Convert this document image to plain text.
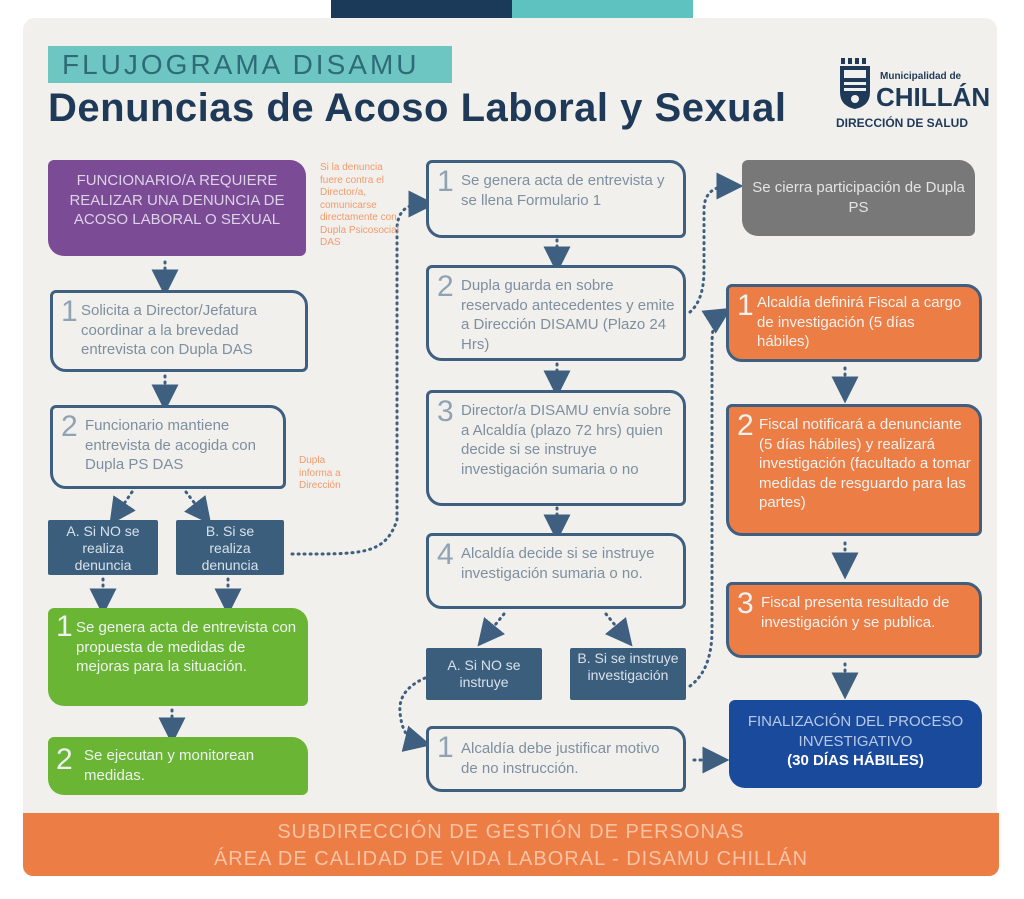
FLUJOGRAMA DISAMU
Denuncias de Acoso Laboral y Sexual
Municipalidad de
CHILLÁN
DIRECCIÓN DE SALUD
FUNCIONARIO/A REQUIERE REALIZAR UNA DENUNCIA DE ACOSO LABORAL O SEXUAL
Si la denuncia fuere contra el Director/a, comunicarse directamente con Dupla Psicosocial DAS
1 Solicita a Director/Jefatura coordinar a la brevedad entrevista con Dupla DAS
2 Funcionario mantiene entrevista de acogida con Dupla PS DAS	Dupla informa a Dirección
A. Si NO se realiza denuncia
B. Si se realiza denuncia
1 Se genera acta de entrevista con propuesta de medidas de mejoras para la situación.
2 Se ejecutan y monitorean medidas.
1 Se genera acta de entrevista y se llena Formulario 1
2 Dupla guarda en sobre reservado antecedentes y emite a Dirección DISAMU (Plazo 24 Hrs)
3 Director/a DISAMU envía sobre a Alcaldía (plazo 72 hrs) quien decide si se instruye investigación sumaria o no
4 Alcaldía decide si se instruye investigación sumaria o no.
A. Si NO se instruye
B. Si se instruye investigación
1 Alcaldía debe justificar motivo de no instrucción.
Se cierra participación de Dupla PS
1 Alcaldía definirá Fiscal a cargo de investigación (5 días hábiles)
2 Fiscal notificará a denunciante (5 días hábiles) y realizará investigación (facultado a tomar medidas de resguardo para las partes)
3 Fiscal presenta resultado de investigación y se publica.
FINALIZACIÓN DEL PROCESO INVESTIGATIVO
(30 DÍAS HÁBILES)
SUBDIRECCIÓN DE GESTIÓN DE PERSONAS
ÁREA DE CALIDAD DE VIDA LABORAL - DISAMU CHILLÁN
